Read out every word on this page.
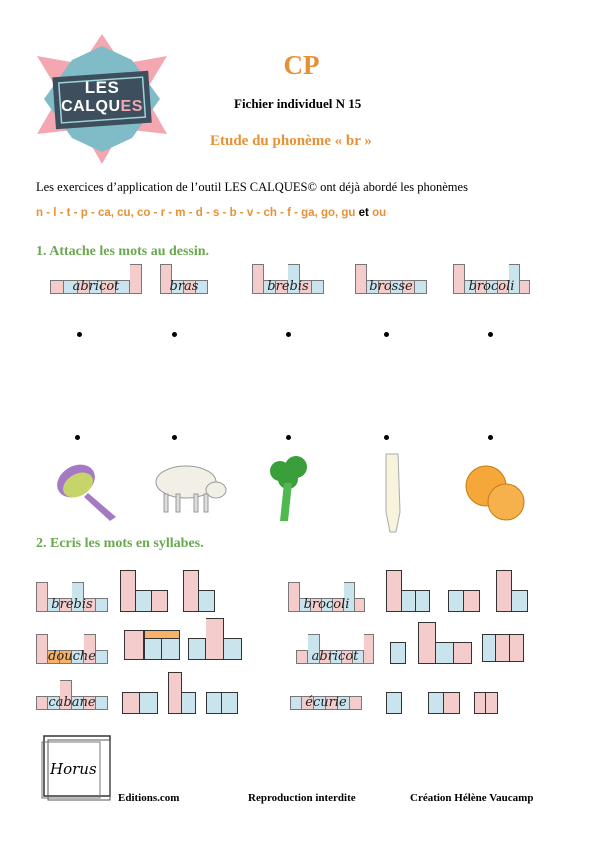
LES
CALQUES
CP
Fichier individuel N 15
Etude du phonème « br »
Les exercices d’application de l’outil LES CALQUES© ont déjà abordé les phonèmes
n - l - t - p - ca, cu, co - r - m - d - s - b - v - ch - f - ga, go, gu et ou
1. Attache les mots au dessin.
abricot	bras	brebis	brosse	brocoli
2. Ecris les mots en syllabes.
brebis	brocoli
douche	abricot
cabane	écurie
Horus
Editions.com	Reproduction interdite	Création Hélène Vaucamp
